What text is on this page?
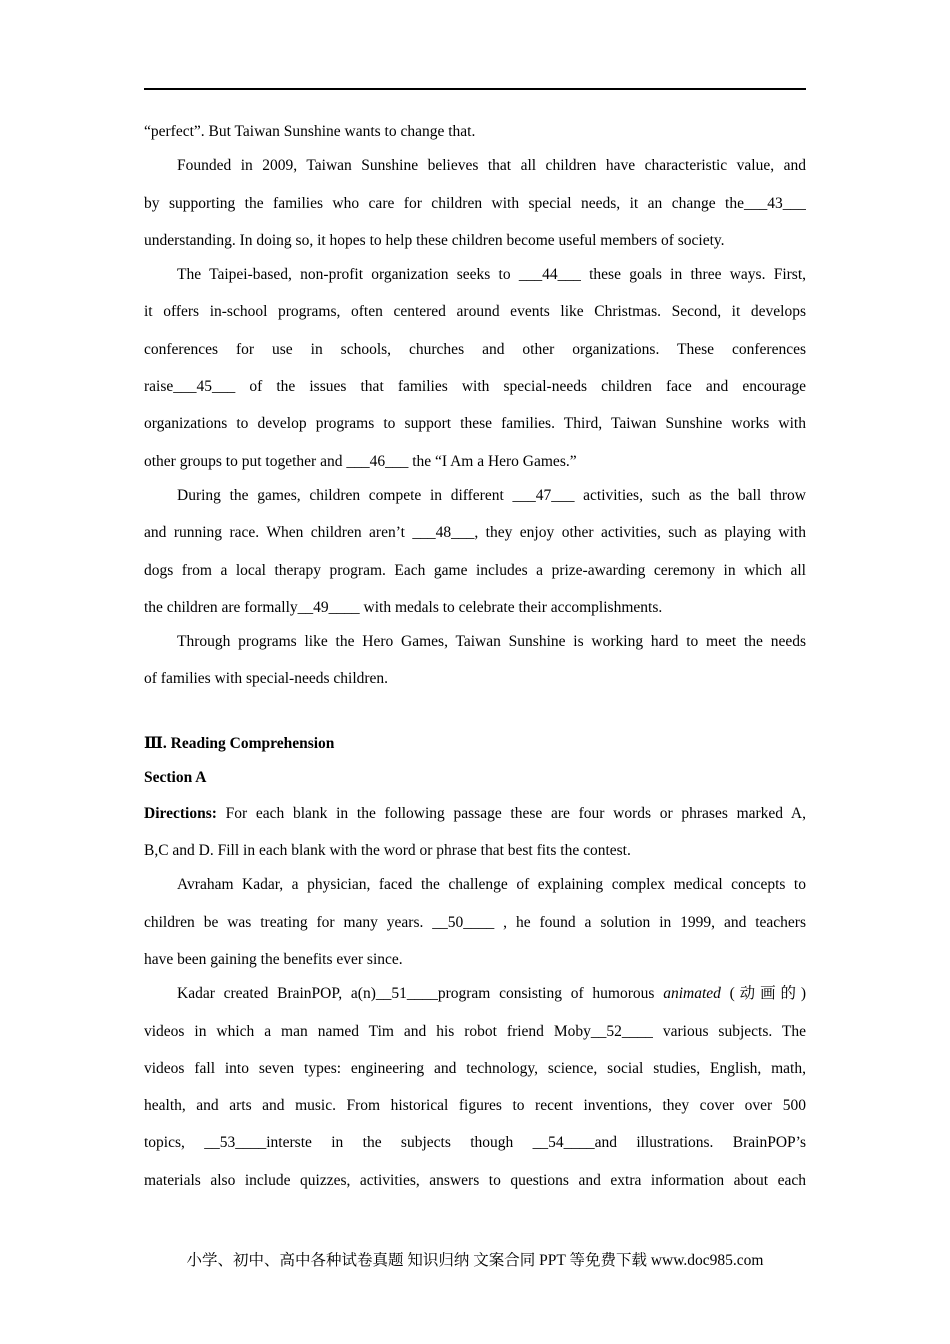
“perfect”. But Taiwan Sunshine wants to change that.
Founded in 2009, Taiwan Sunshine believes that all children have characteristic value, and
by supporting the families who care for children with special needs, it an change the___43___
understanding. In doing so, it hopes to help these children become useful members of society.
The Taipei-based, non-profit organization seeks to ___44___ these goals in three ways. First,
it offers in-school programs, often centered around events like Christmas. Second, it develops
conferences for use in schools, churches and other organizations. These conferences
raise___45___ of the issues that families with special-needs children face and encourage
organizations to develop programs to support these families. Third, Taiwan Sunshine works with
other groups to put together and ___46___ the “I Am a Hero Games.”
During the games, children compete in different ___47___ activities, such as the ball throw
and running race. When children aren’t ___48___, they enjoy other activities, such as playing with
dogs from a local therapy program. Each game includes a prize-awarding ceremony in which all
the children are formally__49____ with medals to celebrate their accomplishments.
Through programs like the Hero Games, Taiwan Sunshine is working hard to meet the needs
of families with special-needs children.
Ⅲ. Reading Comprehension
Section A
Directions: For each blank in the following passage these are four words or phrases marked A,
B,C and D. Fill in each blank with the word or phrase that best fits the contest.
Avraham Kadar, a physician, faced the challenge of explaining complex medical concepts to
children be was treating for many years. __50____ , he found a solution in 1999, and teachers
have been gaining the benefits ever since.
Kadar created BrainPOP, a(n)__51____program consisting of humorous animated (动画的)
videos in which a man named Tim and his robot friend Moby__52____ various subjects. The
videos fall into seven types: engineering and technology, science, social studies, English, math,
health, and arts and music. From historical figures to recent inventions, they cover over 500
topics, __53____interste in the subjects though __54____and illustrations. BrainPOP’s
materials also include quizzes, activities, answers to questions and extra information about each
小学、初中、高中各种试卷真题 知识归纳 文案合同 PPT 等免费下载 www.doc985.com
